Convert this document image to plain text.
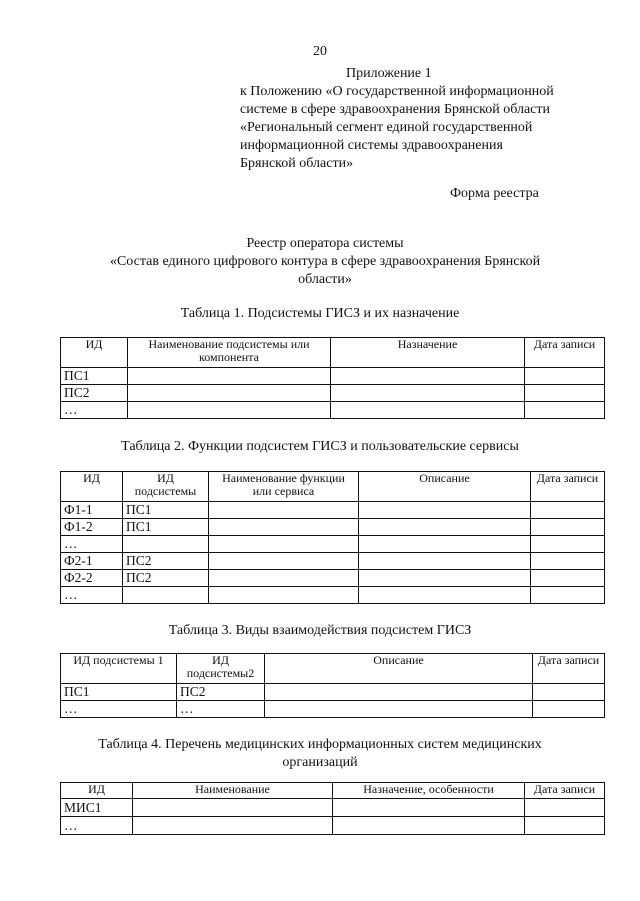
20
Приложение 1
к Положению «О государственной информационной
системе в сфере здравоохранения Брянской области
«Региональный сегмент единой государственной
информационной системы здравоохранения
Брянской области»
Форма реестра
Реестр оператора системы
«Состав единого цифрового контура в сфере здравоохранения Брянской
области»
Таблица 1. Подсистемы ГИСЗ и их назначение
ИД	Наименование подсистемы или компонента	Назначение	Дата записи
ПС1			
ПС2			
…			
Таблица 2. Функции подсистем ГИСЗ и пользовательские сервисы
ИД	ИД подсистемы	Наименование функции или сервиса	Описание	Дата записи
Ф1-1	ПС1			
Ф1-2	ПС1			
…				
Ф2-1	ПС2			
Ф2-2	ПС2			
…				
Таблица 3. Виды взаимодействия подсистем ГИСЗ
ИД подсистемы 1	ИД подсистемы2	Описание	Дата записи
ПС1	ПС2		
…	…		
Таблица 4. Перечень медицинских информационных систем медицинских
организаций
ИД	Наименование	Назначение, особенности	Дата записи
МИС1			
…			
